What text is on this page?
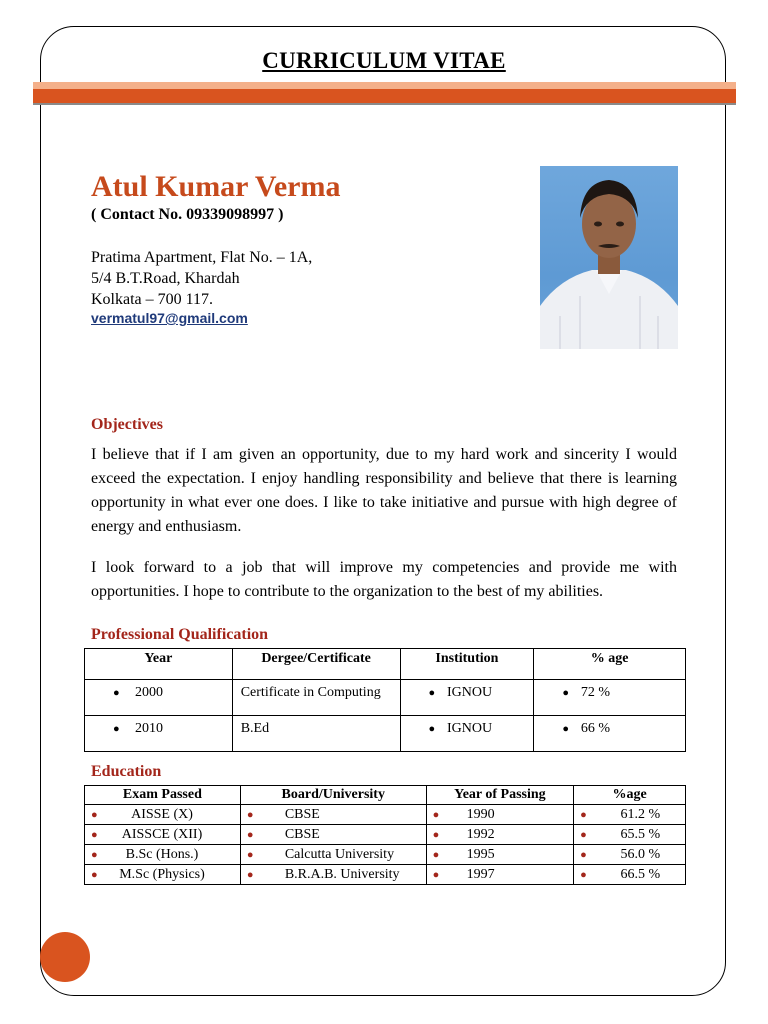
CURRICULUM VITAE
Atul Kumar Verma
( Contact No. 09339098997 )
Pratima Apartment, Flat No. – 1A,
5/4 B.T.Road, Khardah
Kolkata – 700 117.
vermatul97@gmail.com
Objectives

I believe that if I am given an opportunity, due to my hard work and sincerity I would exceed the expectation. I enjoy handling responsibility and believe that there is learning opportunity in what ever one does. I like to take initiative and pursue with high degree of energy and enthusiasm.

I look forward to a job that will improve my competencies and provide me with opportunities. I hope to contribute to the organization to the best of my abilities.

Professional Qualification
Year	Dergee/Certificate	Institution	% age
● 2000	Certificate in Computing	● IGNOU	● 72 %
● 2010	B.Ed	● IGNOU	● 66 %
Education
Exam Passed	Board/University	Year of Passing	%age
● AISSE (X)	● CBSE	● 1990	● 61.2 %
● AISSCE (XII)	● CBSE	● 1992	● 65.5 %
● B.Sc (Hons.)	● Calcutta University	● 1995	● 56.0 %
● M.Sc (Physics)	● B.R.A.B. University	● 1997	● 66.5 %
